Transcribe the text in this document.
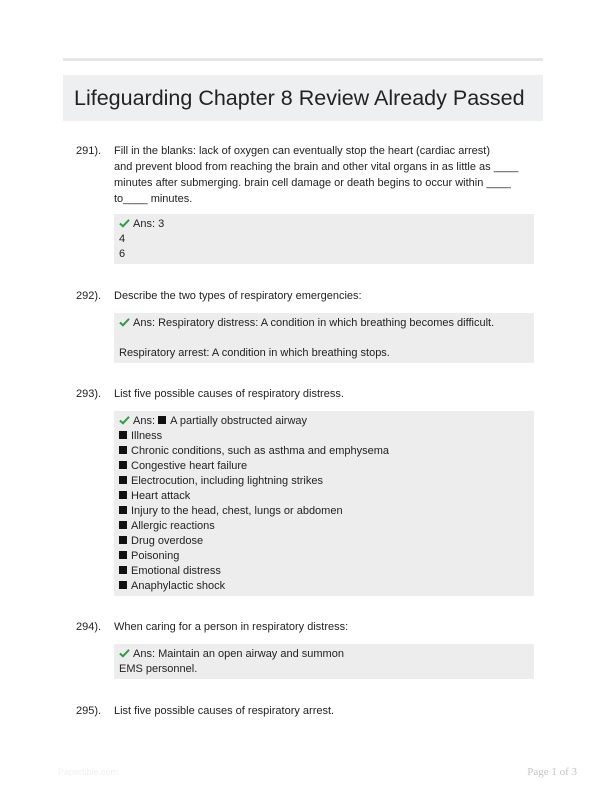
Lifeguarding Chapter 8 Review Already Passed
291). Fill in the blanks: lack of oxygen can eventually stop the heart (cardiac arrest)
and prevent blood from reaching the brain and other vital organs in as little as ____
minutes after submerging. brain cell damage or death begins to occur within ____
to____ minutes.
Ans: 3
4
6
292). Describe the two types of respiratory emergencies:
Ans: Respiratory distress: A condition in which breathing becomes difficult.
Respiratory arrest: A condition in which breathing stops.
293). List five possible causes of respiratory distress.
Ans: A partially obstructed airway
Illness
Chronic conditions, such as asthma and emphysema
Congestive heart failure
Electrocution, including lightning strikes
Heart attack
Injury to the head, chest, lungs or abdomen
Allergic reactions
Drug overdose
Poisoning
Emotional distress
Anaphylactic shock
294). When caring for a person in respiratory distress:
Ans: Maintain an open airway and summon
EMS personnel.
295). List five possible causes of respiratory arrest.
Papertible.com	Page 1 of 3
